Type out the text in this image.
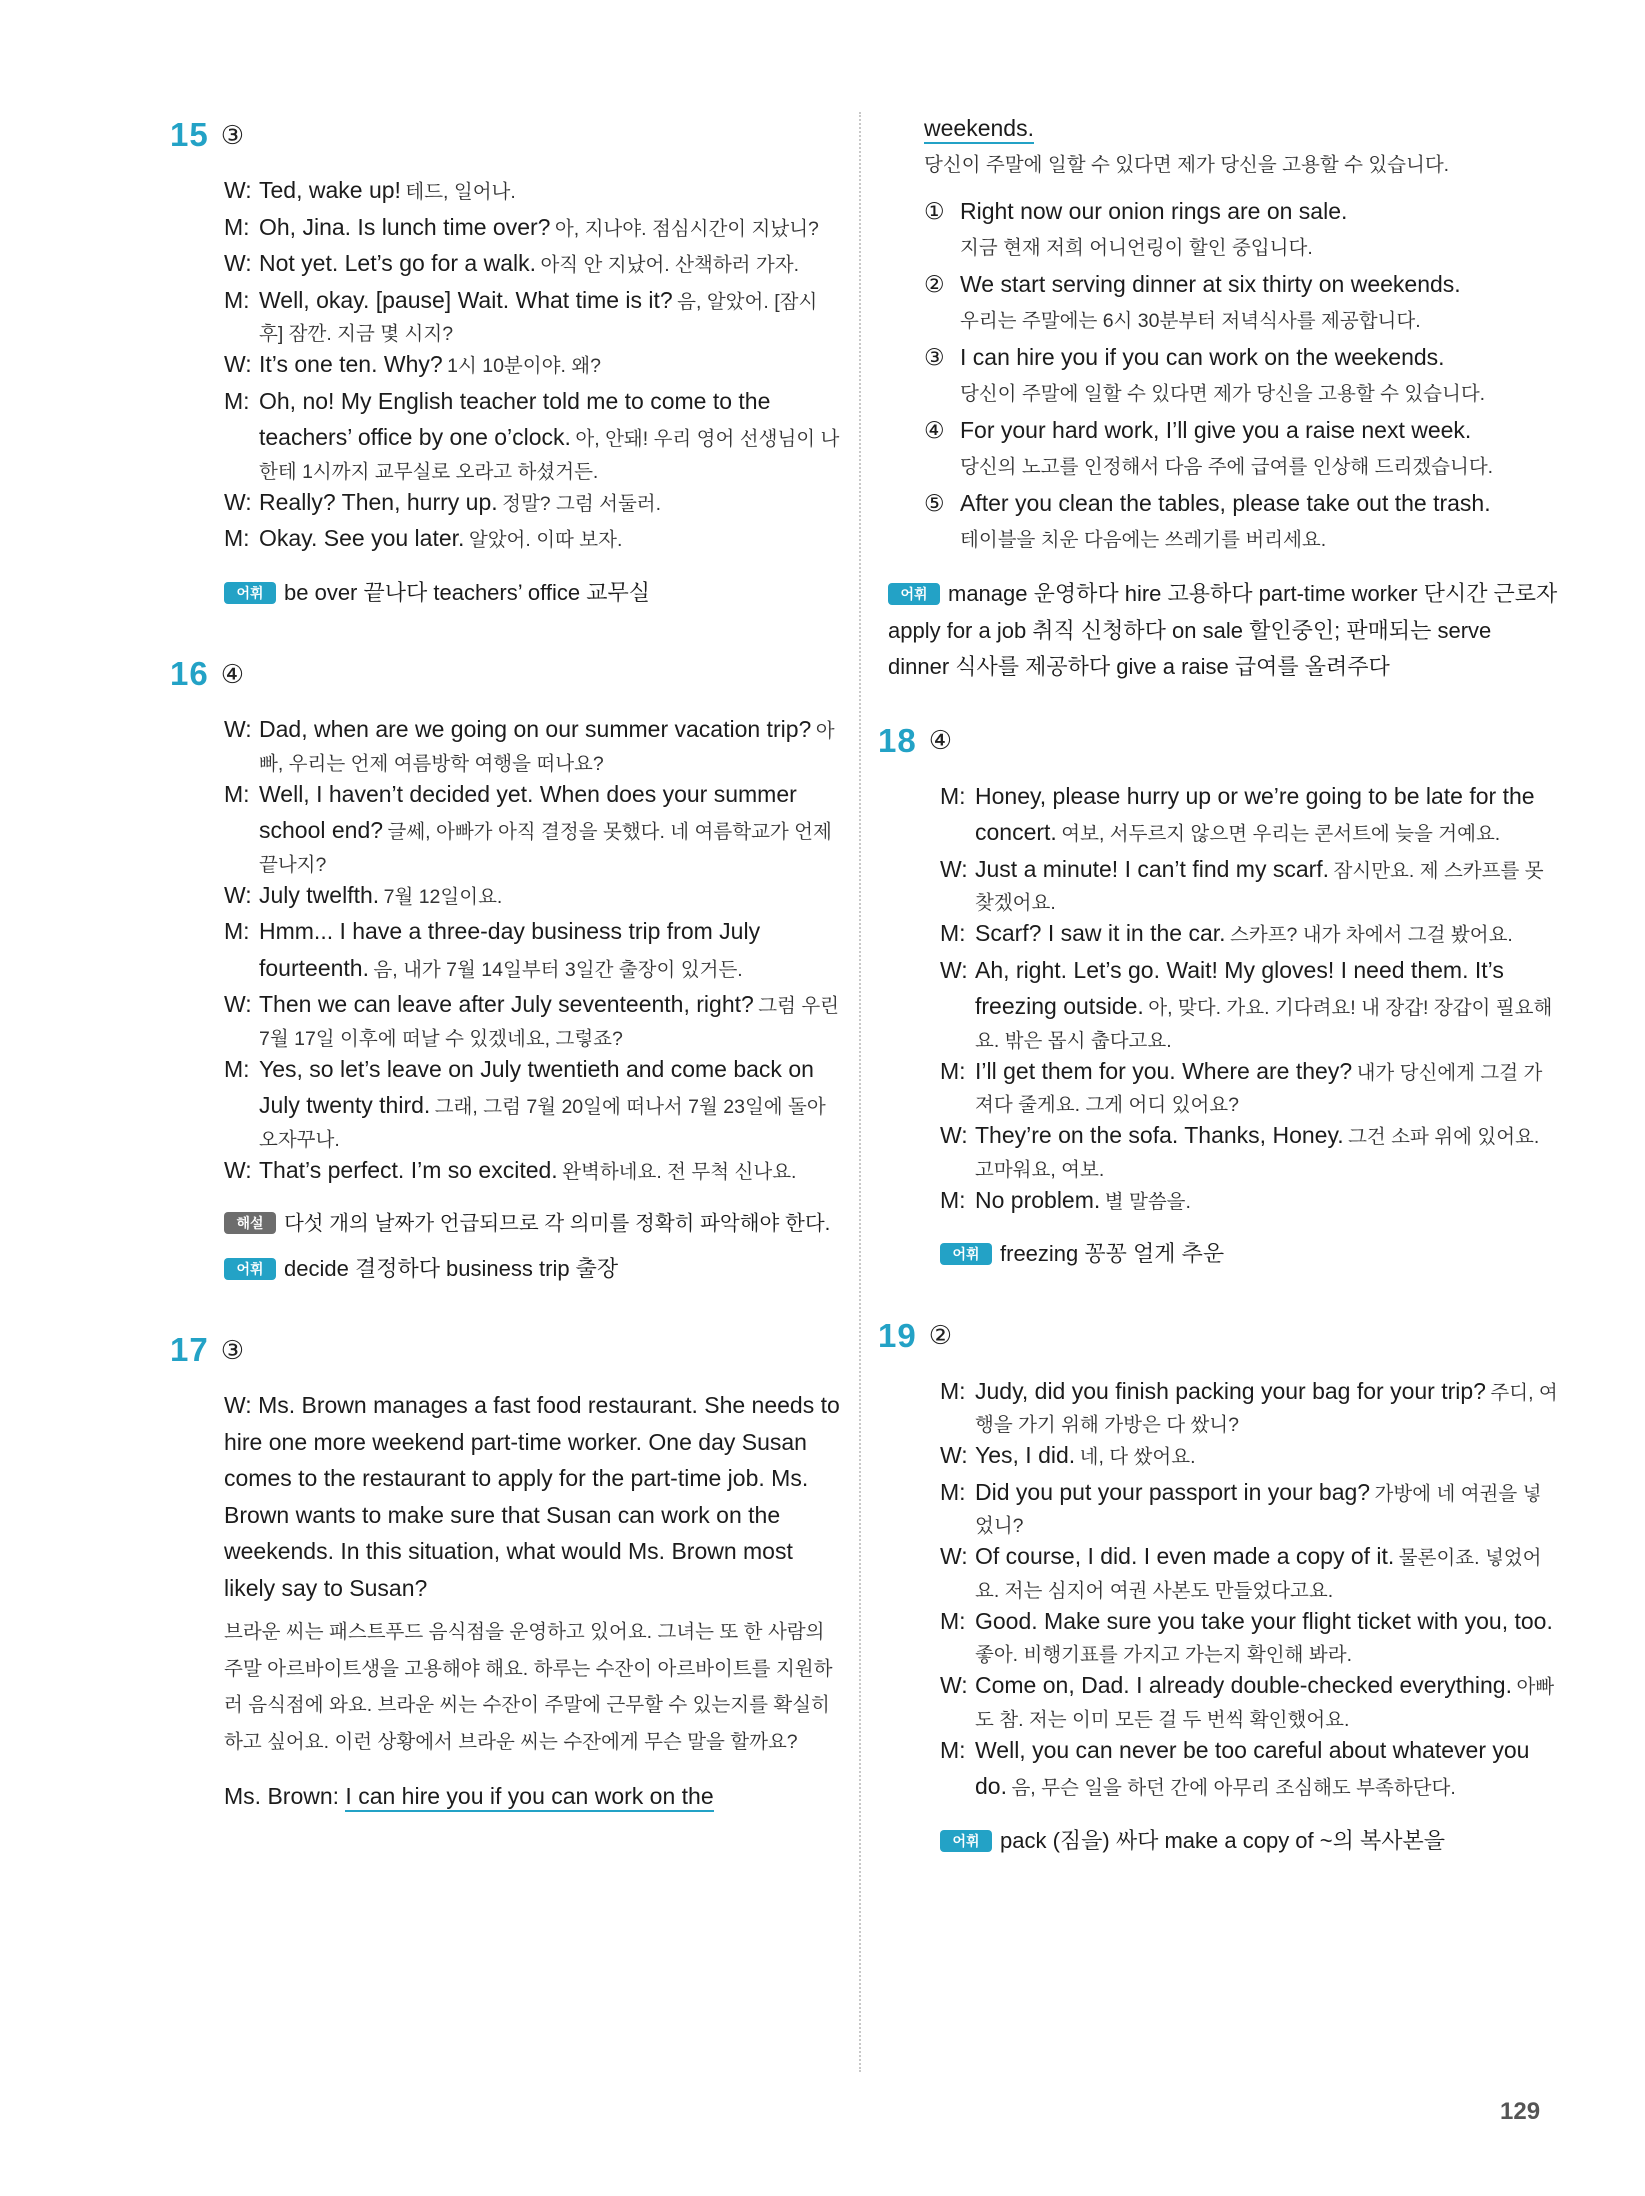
15 ③
W: Ted, wake up! 테드, 일어나.
M: Oh, Jina. Is lunch time over? 아, 지나야. 점심시간이 지났니?
W: Not yet. Let’s go for a walk. 아직 안 지났어. 산책하러 가자.
M: Well, okay. [pause] Wait. What time is it? 음, 알았어. [잠시 후] 잠깐. 지금 몇 시지?
W: It’s one ten. Why? 1시 10분이야. 왜?
M: Oh, no! My English teacher told me to come to the teachers’ office by one o’clock. 아, 안돼! 우리 영어 선생님이 나한테 1시까지 교무실로 오라고 하셨거든.
W: Really? Then, hurry up. 정말? 그럼 서둘러.
M: Okay. See you later. 알았어. 이따 보자.
어휘 be over 끝나다 teachers’ office 교무실
16 ④
W: Dad, when are we going on our summer vacation trip? 아빠, 우리는 언제 여름방학 여행을 떠나요?
M: Well, I haven’t decided yet. When does your summer school end? 글쎄, 아빠가 아직 결정을 못했다. 네 여름학교가 언제 끝나지?
W: July twelfth. 7월 12일이요.
M: Hmm... I have a three-day business trip from July fourteenth. 음, 내가 7월 14일부터 3일간 출장이 있거든.
W: Then we can leave after July seventeenth, right? 그럼 우린 7월 17일 이후에 떠날 수 있겠네요, 그렇죠?
M: Yes, so let’s leave on July twentieth and come back on July twenty third. 그래, 그럼 7월 20일에 떠나서 7월 23일에 돌아오자꾸나.
W: That’s perfect. I’m so excited. 완벽하네요. 전 무척 신나요.
해설 다섯 개의 날짜가 언급되므로 각 의미를 정확히 파악해야 한다.
어휘 decide 결정하다 business trip 출장
17 ③
W: Ms. Brown manages a fast food restaurant. She needs to hire one more weekend part-time worker. One day Susan comes to the restaurant to apply for the part-time job. Ms. Brown wants to make sure that Susan can work on the weekends. In this situation, what would Ms. Brown most likely say to Susan?
브라운 씨는 패스트푸드 음식점을 운영하고 있어요. 그녀는 또 한 사람의 주말 아르바이트생을 고용해야 해요. 하루는 수잔이 아르바이트를 지원하러 음식점에 와요. 브라운 씨는 수잔이 주말에 근무할 수 있는지를 확실히 하고 싶어요. 이런 상황에서 브라운 씨는 수잔에게 무슨 말을 할까요?
Ms. Brown: I can hire you if you can work on the
weekends.
당신이 주말에 일할 수 있다면 제가 당신을 고용할 수 있습니다.
① Right now our onion rings are on sale.
지금 현재 저희 어니언링이 할인 중입니다.
② We start serving dinner at six thirty on weekends.
우리는 주말에는 6시 30분부터 저녁식사를 제공합니다.
③ I can hire you if you can work on the weekends.
당신이 주말에 일할 수 있다면 제가 당신을 고용할 수 있습니다.
④ For your hard work, I’ll give you a raise next week.
당신의 노고를 인정해서 다음 주에 급여를 인상해 드리겠습니다.
⑤ After you clean the tables, please take out the trash.
테이블을 치운 다음에는 쓰레기를 버리세요.
어휘 manage 운영하다 hire 고용하다 part-time worker 단시간 근로자 apply for a job 취직 신청하다 on sale 할인중인; 판매되는 serve dinner 식사를 제공하다 give a raise 급여를 올려주다
18 ④
M: Honey, please hurry up or we’re going to be late for the concert. 여보, 서두르지 않으면 우리는 콘서트에 늦을 거예요.
W: Just a minute! I can’t find my scarf. 잠시만요. 제 스카프를 못 찾겠어요.
M: Scarf? I saw it in the car. 스카프? 내가 차에서 그걸 봤어요.
W: Ah, right. Let’s go. Wait! My gloves! I need them. It’s freezing outside. 아, 맞다. 가요. 기다려요! 내 장갑! 장갑이 필요해요. 밖은 몹시 춥다고요.
M: I’ll get them for you. Where are they? 내가 당신에게 그걸 가져다 줄게요. 그게 어디 있어요?
W: They’re on the sofa. Thanks, Honey. 그건 소파 위에 있어요. 고마워요, 여보.
M: No problem. 별 말씀을.
어휘 freezing 꽁꽁 얼게 추운
19 ②
M: Judy, did you finish packing your bag for your trip? 주디, 여행을 가기 위해 가방은 다 쌌니?
W: Yes, I did. 네, 다 쌌어요.
M: Did you put your passport in your bag? 가방에 네 여권을 넣었니?
W: Of course, I did. I even made a copy of it. 물론이죠. 넣었어요. 저는 심지어 여권 사본도 만들었다고요.
M: Good. Make sure you take your flight ticket with you, too. 좋아. 비행기표를 가지고 가는지 확인해 봐라.
W: Come on, Dad. I already double-checked everything. 아빠도 참. 저는 이미 모든 걸 두 번씩 확인했어요.
M: Well, you can never be too careful about whatever you do. 음, 무슨 일을 하던 간에 아무리 조심해도 부족하단다.
어휘 pack (짐을) 싸다 make a copy of ~의 복사본을
129
